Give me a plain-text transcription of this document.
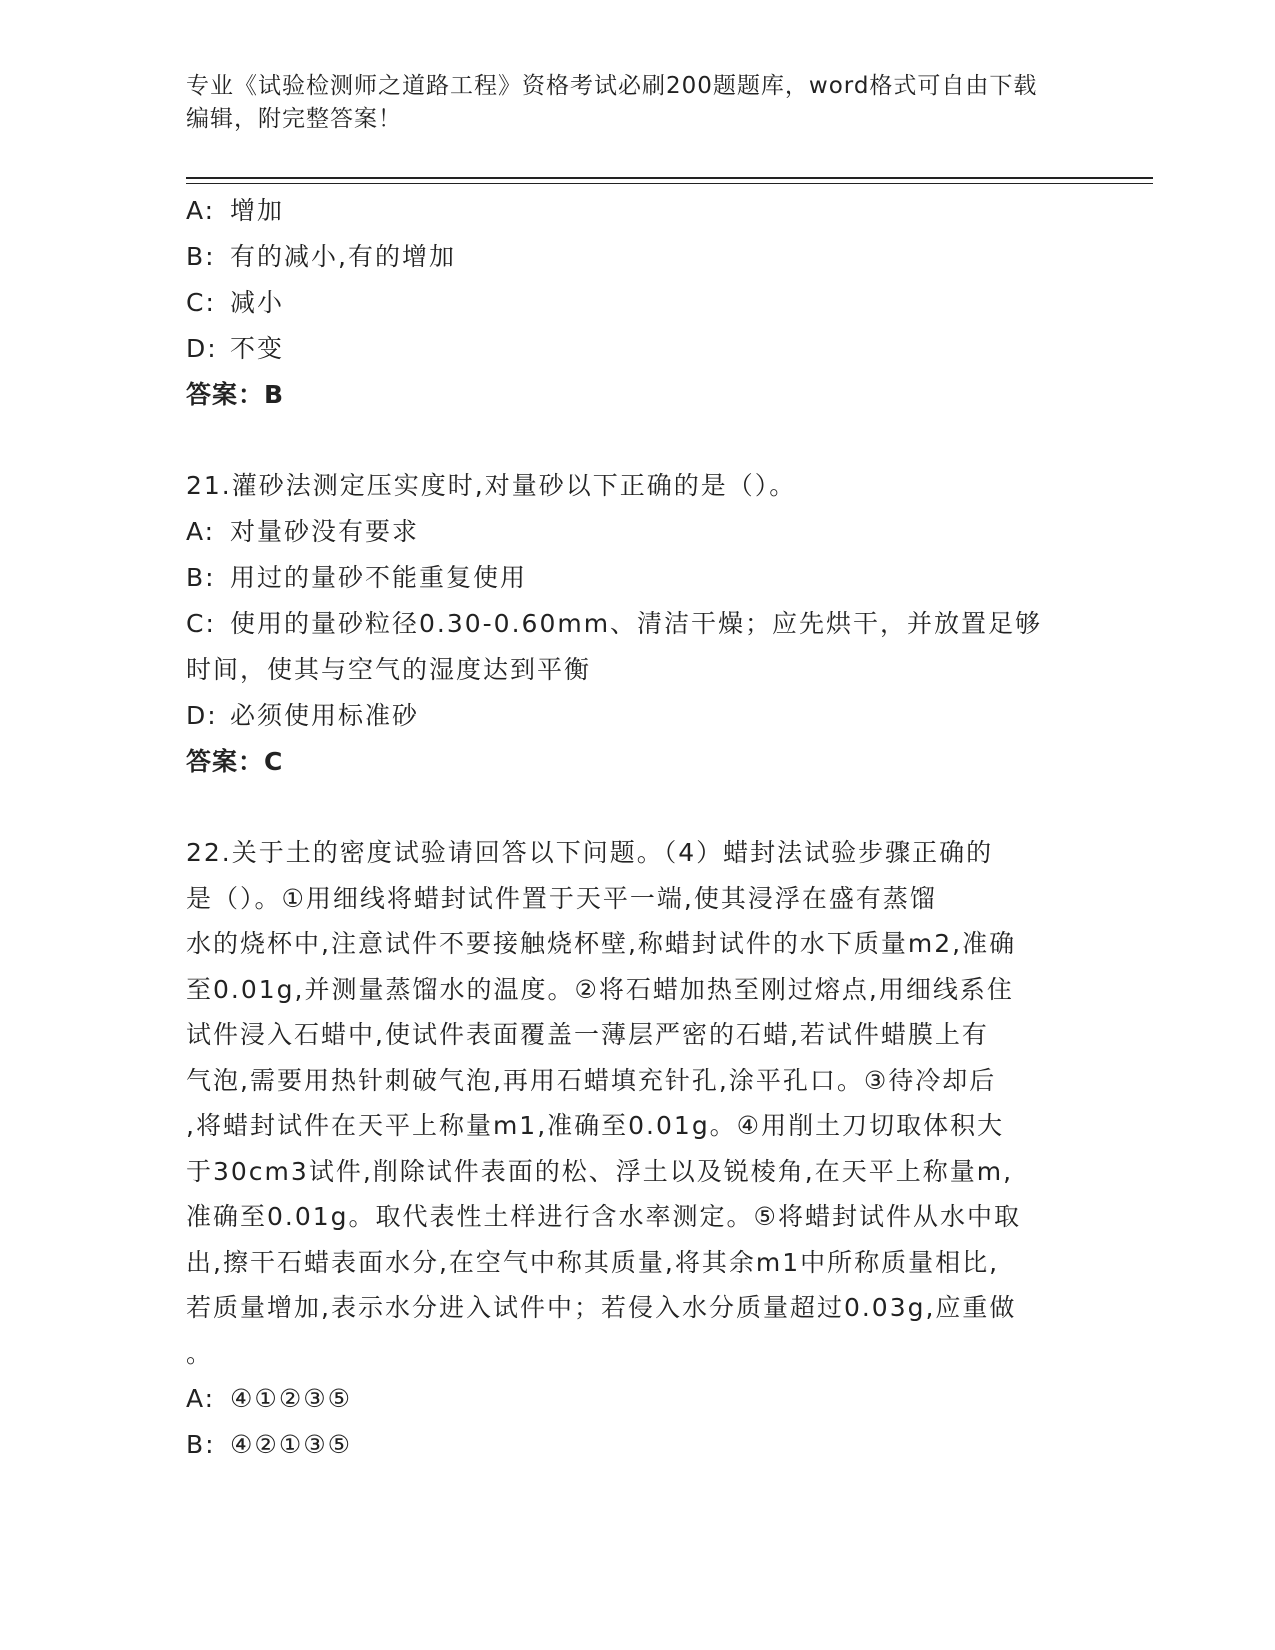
专业《试验检测师之道路工程》资格考试必刷200题题库，word格式可自由下载
编辑，附完整答案！
A: 增加
B: 有的减小,有的增加
C: 减小
D: 不变
答案：B
21.灌砂法测定压实度时,对量砂以下正确的是（）。
A: 对量砂没有要求
B: 用过的量砂不能重复使用
C: 使用的量砂粒径0.30-0.60mm、清洁干燥；应先烘干，并放置足够
时间，使其与空气的湿度达到平衡
D: 必须使用标准砂
答案：C
22.关于土的密度试验请回答以下问题。（4）蜡封法试验步骤正确的
是（）。①用细线将蜡封试件置于天平一端,使其浸浮在盛有蒸馏
水的烧杯中,注意试件不要接触烧杯壁,称蜡封试件的水下质量m2,准确
至0.01g,并测量蒸馏水的温度。②将石蜡加热至刚过熔点,用细线系住
试件浸入石蜡中,使试件表面覆盖一薄层严密的石蜡,若试件蜡膜上有
气泡,需要用热针刺破气泡,再用石蜡填充针孔,涂平孔口。③待冷却后
,将蜡封试件在天平上称量m1,准确至0.01g。④用削土刀切取体积大
于30cm3试件,削除试件表面的松、浮土以及锐棱角,在天平上称量m,
准确至0.01g。取代表性土样进行含水率测定。⑤将蜡封试件从水中取
出,擦干石蜡表面水分,在空气中称其质量,将其余m1中所称质量相比,
若质量增加,表示水分进入试件中；若侵入水分质量超过0.03g,应重做
。
A: ④①②③⑤
B: ④②①③⑤
